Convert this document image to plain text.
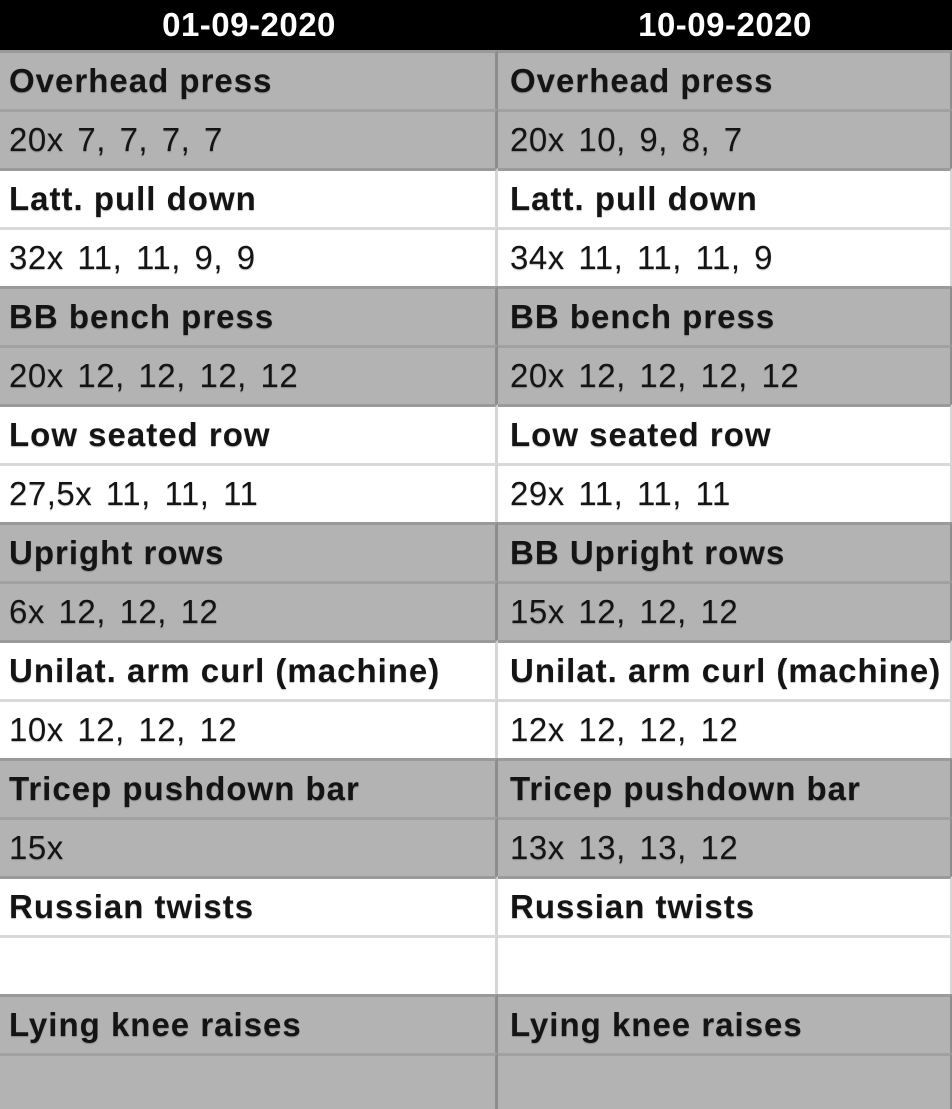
01-09-2020
Overhead press
20x 7, 7, 7, 7
Latt. pull down
32x 11, 11, 9, 9
BB bench press
20x 12, 12, 12, 12
Low seated row
27,5x 11, 11, 11
Upright rows
6x 12, 12, 12
Unilat. arm curl (machine)
10x 12, 12, 12
Tricep pushdown bar
15x
Russian twists
Lying knee raises
10-09-2020
Overhead press
20x 10, 9, 8, 7
Latt. pull down
34x 11, 11, 11, 9
BB bench press
20x 12, 12, 12, 12
Low seated row
29x 11, 11, 11
BB Upright rows
15x 12, 12, 12
Unilat. arm curl (machine)
12x 12, 12, 12
Tricep pushdown bar
13x 13, 13, 12
Russian twists
Lying knee raises
